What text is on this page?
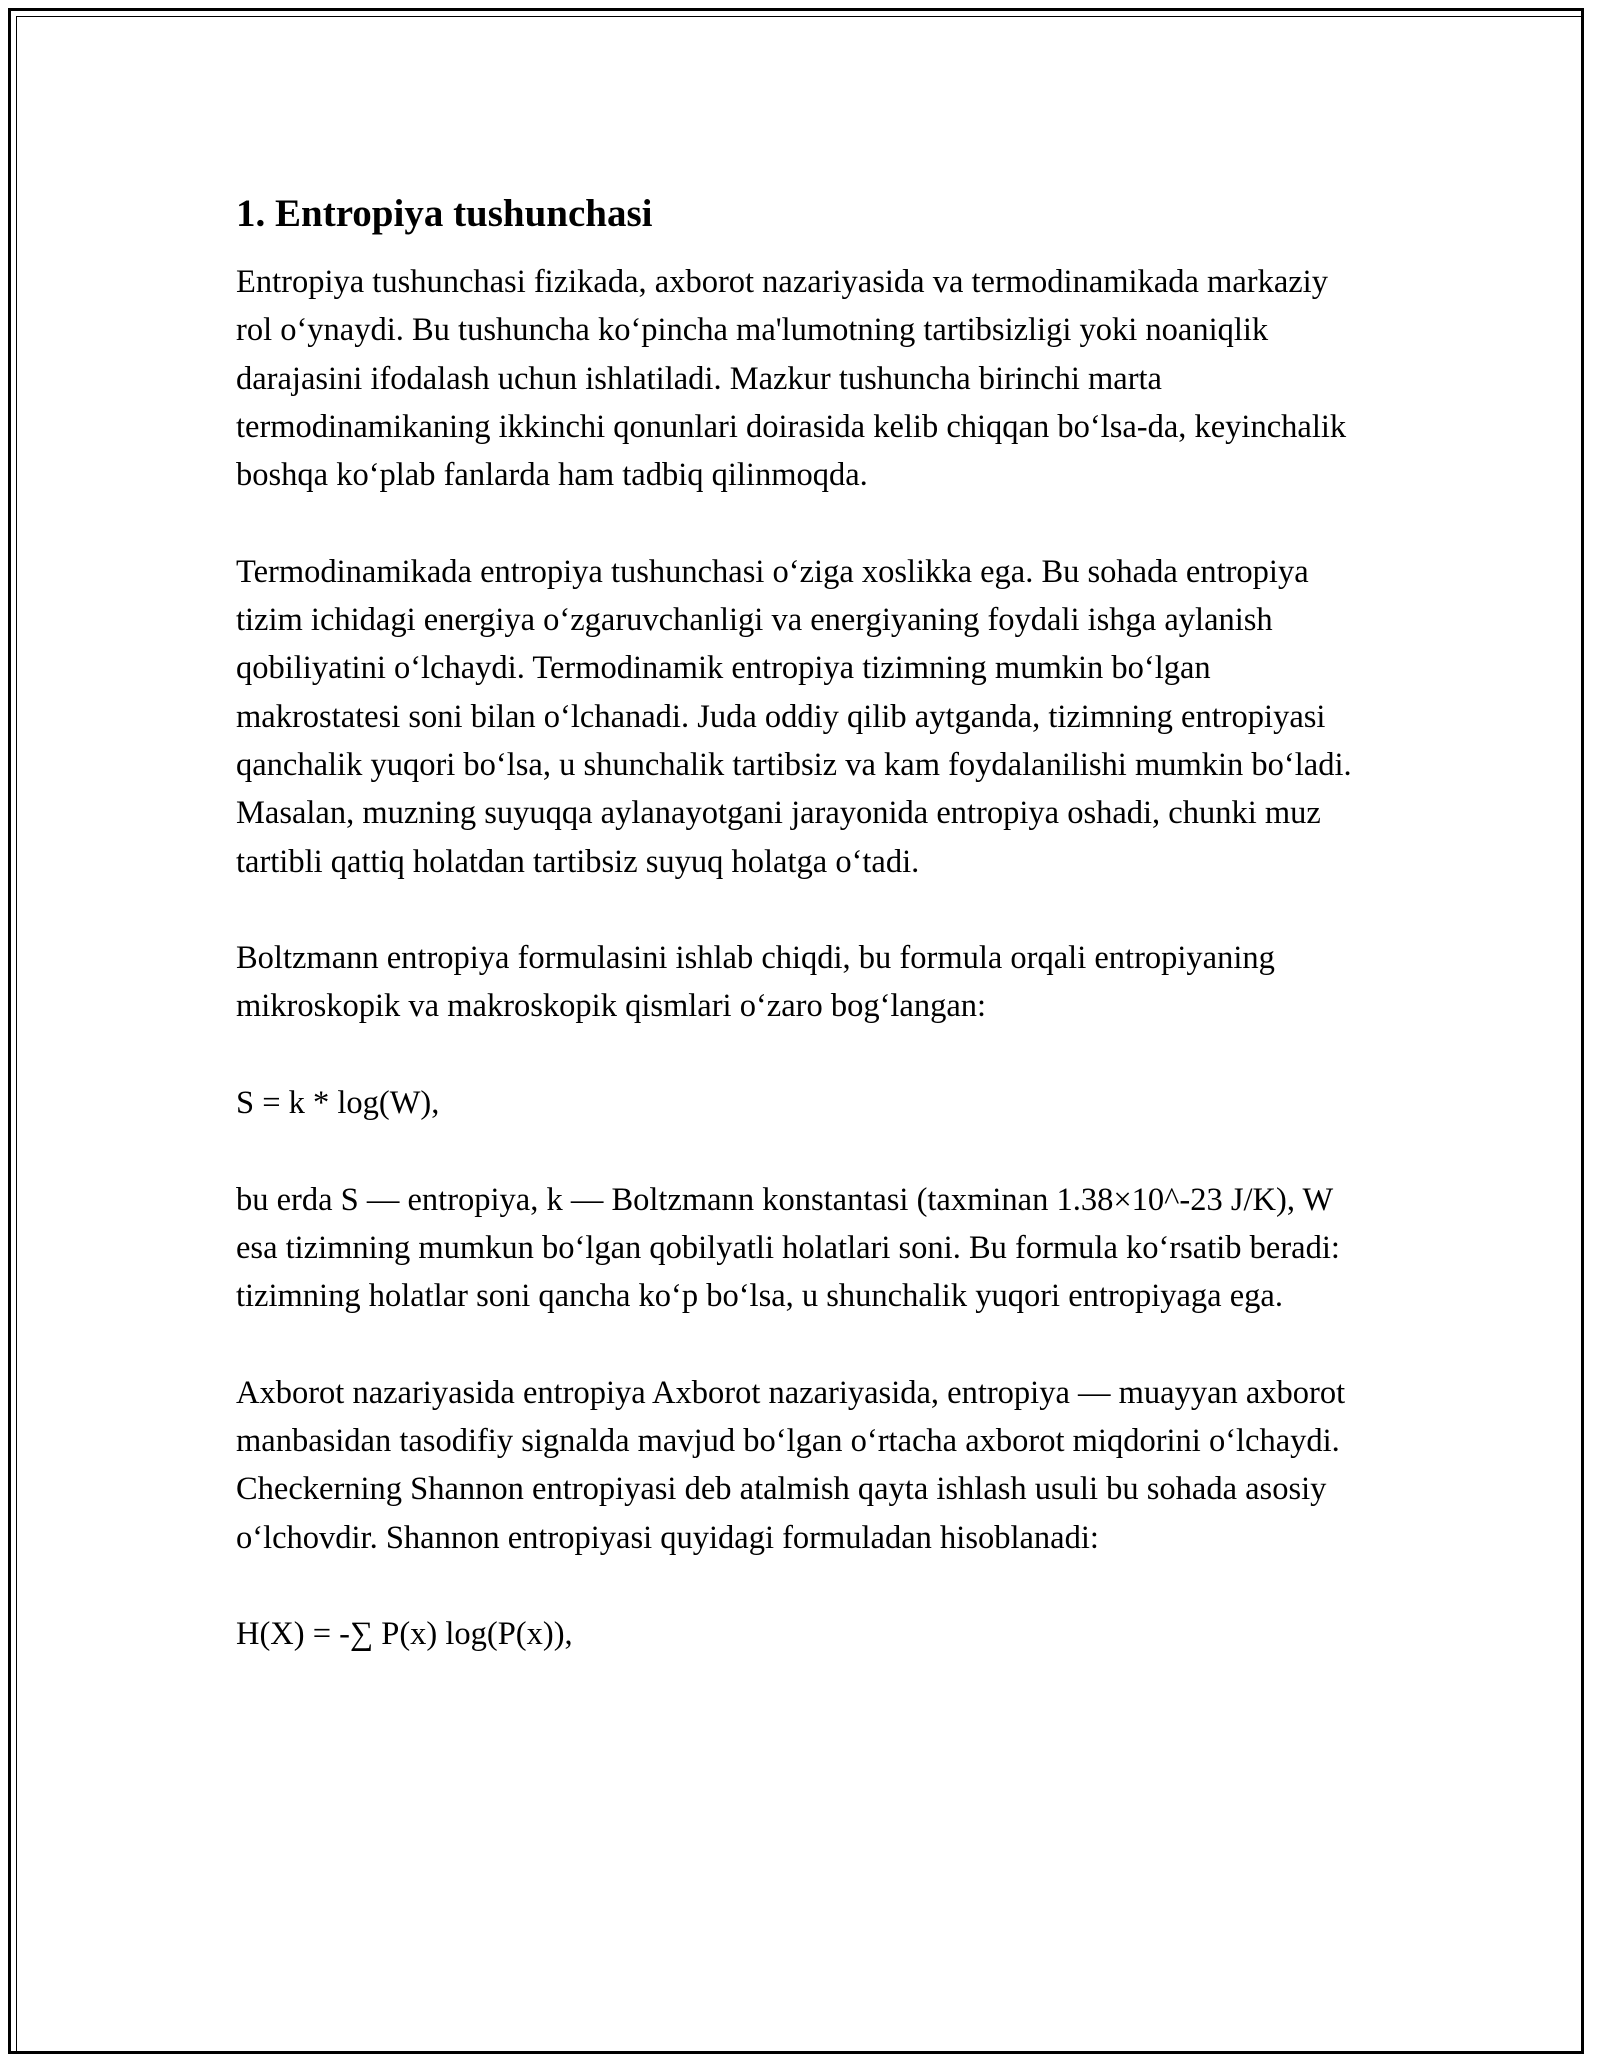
1. Entropiya tushunchasi

Entropiya tushunchasi fizikada, axborot nazariyasida va termodinamikada markaziy rol o‘ynaydi. Bu tushuncha ko‘pincha ma'lumotning tartibsizligi yoki noaniqlik darajasini ifodalash uchun ishlatiladi. Mazkur tushuncha birinchi marta termodinamikaning ikkinchi qonunlari doirasida kelib chiqqan bo‘lsa-da, keyinchalik boshqa ko‘plab fanlarda ham tadbiq qilinmoqda.

Termodinamikada entropiya tushunchasi o‘ziga xoslikka ega. Bu sohada entropiya tizim ichidagi energiya o‘zgaruvchanligi va energiyaning foydali ishga aylanish qobiliyatini o‘lchaydi. Termodinamik entropiya tizimning mumkin bo‘lgan makrostatesi soni bilan o‘lchanadi. Juda oddiy qilib aytganda, tizimning entropiyasi qanchalik yuqori bo‘lsa, u shunchalik tartibsiz va kam foydalanilishi mumkin bo‘ladi. Masalan, muzning suyuqqa aylanayotgani jarayonida entropiya oshadi, chunki muz tartibli qattiq holatdan tartibsiz suyuq holatga o‘tadi.

Boltzmann entropiya formulasini ishlab chiqdi, bu formula orqali entropiyaning mikroskopik va makroskopik qismlari o‘zaro bog‘langan:

S = k * log(W),

bu erda S — entropiya, k — Boltzmann konstantasi (taxminan 1.38×10^-23 J/K), W esa tizimning mumkun bo‘lgan qobilyatli holatlari soni. Bu formula ko‘rsatib beradi: tizimning holatlar soni qancha ko‘p bo‘lsa, u shunchalik yuqori entropiyaga ega.

Axborot nazariyasida entropiya Axborot nazariyasida, entropiya — muayyan axborot manbasidan tasodifiy signalda mavjud bo‘lgan o‘rtacha axborot miqdorini o‘lchaydi. Checkerning Shannon entropiyasi deb atalmish qayta ishlash usuli bu sohada asosiy o‘lchovdir. Shannon entropiyasi quyidagi formuladan hisoblanadi:

H(X) = -∑ P(x) log(P(x)),
